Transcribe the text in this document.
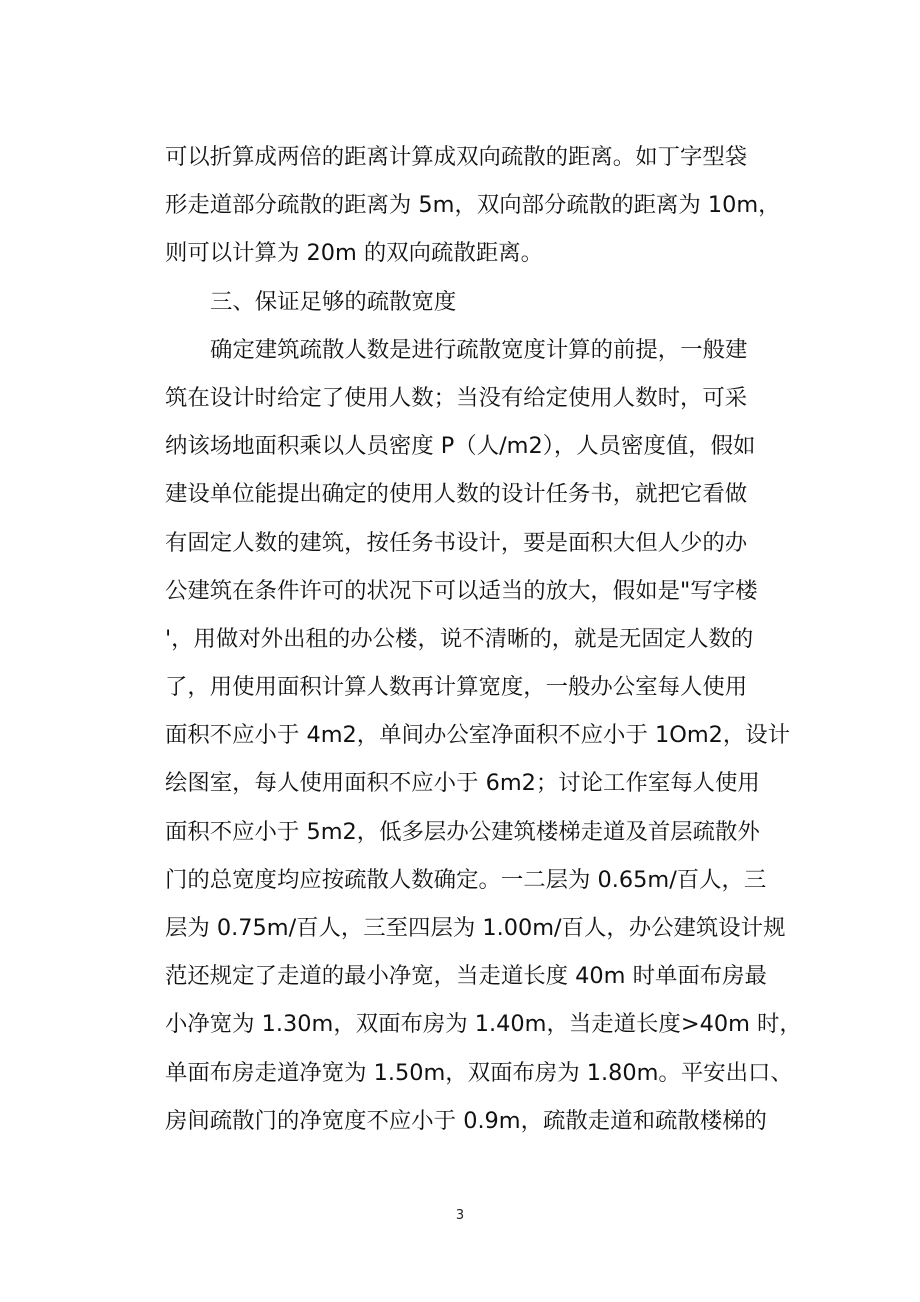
可以折算成两倍的距离计算成双向疏散的距离。如丁字型袋
形走道部分疏散的距离为 5m，双向部分疏散的距离为 10m，
则可以计算为 20m 的双向疏散距离。
三、保证足够的疏散宽度
确定建筑疏散人数是进行疏散宽度计算的前提，一般建
筑在设计时给定了使用人数；当没有给定使用人数时，可采
纳该场地面积乘以人员密度 P（人/m2），人员密度值，假如
建设单位能提出确定的使用人数的设计任务书，就把它看做
有固定人数的建筑，按任务书设计，要是面积大但人少的办
公建筑在条件许可的状况下可以适当的放大，假如是"写字楼
'，用做对外出租的办公楼，说不清晰的，就是无固定人数的
了，用使用面积计算人数再计算宽度，一般办公室每人使用
面积不应小于 4m2，单间办公室净面积不应小于 1Om2，设计
绘图室，每人使用面积不应小于 6m2；讨论工作室每人使用
面积不应小于 5m2，低多层办公建筑楼梯走道及首层疏散外
门的总宽度均应按疏散人数确定。一二层为 0.65m/百人，三
层为 0.75m/百人，三至四层为 1.00m/百人，办公建筑设计规
范还规定了走道的最小净宽，当走道长度 40m 时单面布房最
小净宽为 1.30m，双面布房为 1.40m，当走道长度>40m 时，
单面布房走道净宽为 1.50m，双面布房为 1.80m。平安出口、
房间疏散门的净宽度不应小于 0.9m，疏散走道和疏散楼梯的
3
